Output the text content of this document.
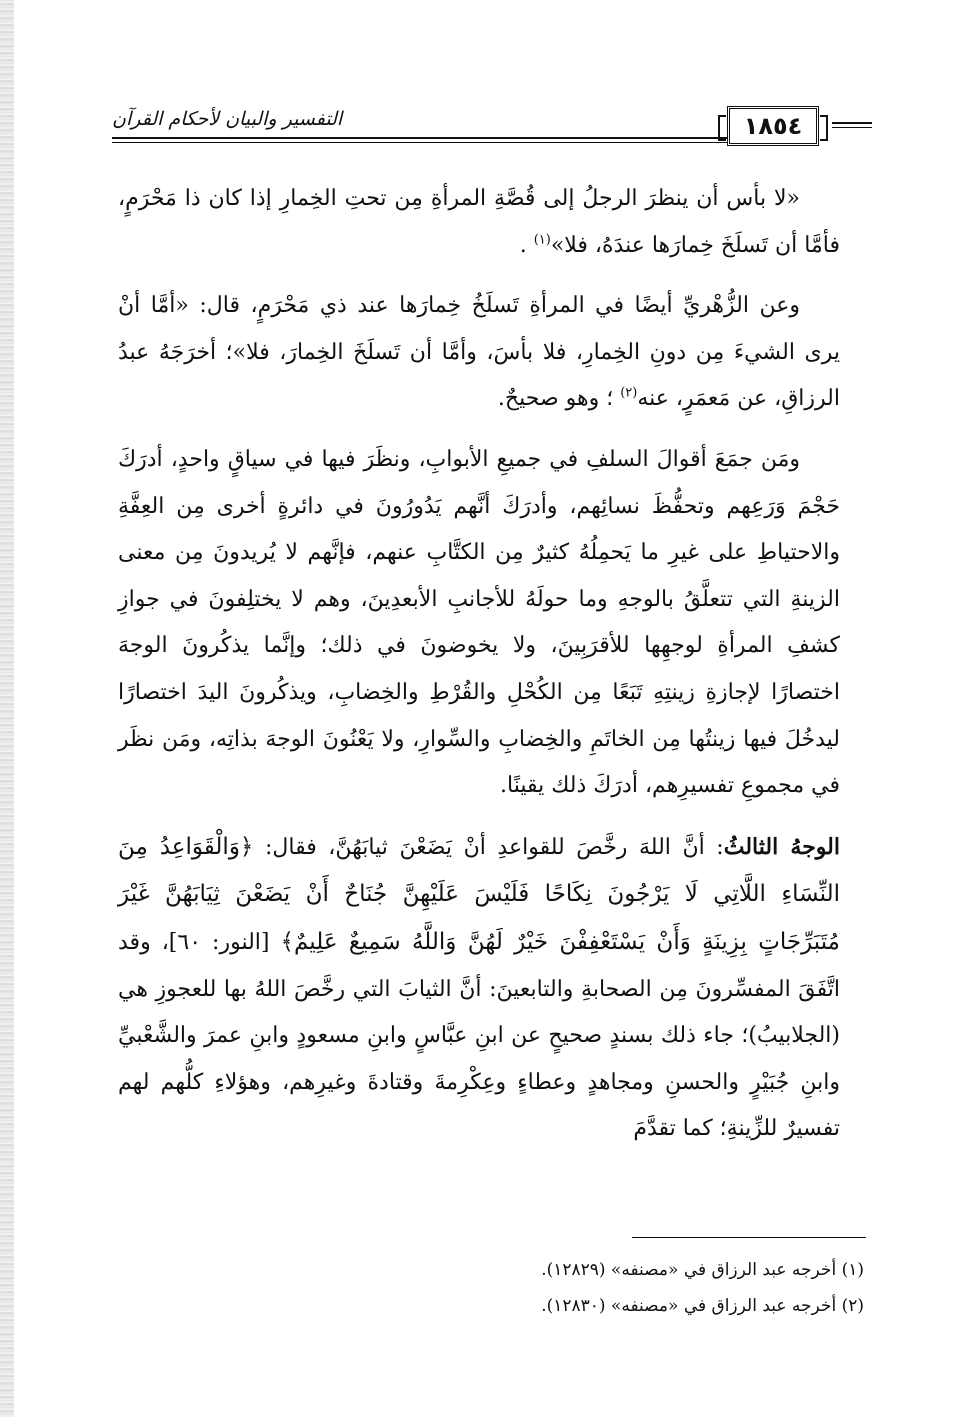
التفسير والبيان لأحكام القرآن	١٨٥٤

«لا بأس أن ينظرَ الرجلُ إلى قُصَّةِ المرأةِ مِن تحتِ الخِمارِ إذا كان ذا مَحْرَمٍ، فأمَّا أن تَسلَخَ خِمارَها عندَهُ، فلا»$^{(١)}$ .

وعن الزُّهْريِّ أيضًا في المرأةِ تَسلَخُ خِمارَها عند ذي مَحْرَمٍ، قال: «أمَّا أنْ يرى الشيءَ مِن دونِ الخِمارِ، فلا بأسَ، وأمَّا أن تَسلَخَ الخِمارَ، فلا»؛ أخرَجَهُ عبدُ الرزاقِ، عن مَعمَرٍ، عنه$^{(٢)}$ ؛ وهو صحيحٌ.

ومَن جمَعَ أقوالَ السلفِ في جميعِ الأبوابِ، ونظَرَ فيها في سياقٍ واحدٍ، أدرَكَ حَجْمَ وَرَعِهم وتحفُّظَ نسائِهم، وأدرَكَ أنَّهم يَدُورُونَ في دائرةٍ أخرى مِن العِفَّةِ والاحتياطِ على غيرِ ما يَحمِلُهُ كثيرٌ مِن الكتَّابِ عنهم، فإنَّهم لا يُريدونَ مِن معنى الزينةِ التي تتعلَّقُ بالوجهِ وما حولَهُ للأجانبِ الأبعدِينَ، وهم لا يختلِفونَ في جوازِ كشفِ المرأةِ لوجهِها للأقرَبِينَ، ولا يخوضونَ في ذلك؛ وإنَّما يذكُرونَ الوجهَ اختصارًا لإجازةِ زينتِهِ تَبَعًا مِن الكُحْلِ والقُرْطِ والخِضابِ، ويذكُرونَ اليدَ اختصارًا ليدخُلَ فيها زينتُها مِن الخاتَمِ والخِضابِ والسِّوارِ، ولا يَعْنُونَ الوجهَ بذاتِه، ومَن نظَر في مجموعِ تفسيرِهم، أدرَكَ ذلك يقينًا.

الوجهُ الثالثُ: أنَّ اللهَ رخَّصَ للقواعدِ أنْ يَضَعْنَ ثيابَهُنَّ، فقال: ﴿وَالْقَوَاعِدُ مِنَ النِّسَاءِ اللَّاتِي لَا يَرْجُونَ نِكَاحًا فَلَيْسَ عَلَيْهِنَّ جُنَاحٌ أَنْ يَضَعْنَ ثِيَابَهُنَّ غَيْرَ مُتَبَرِّجَاتٍ بِزِينَةٍ وَأَنْ يَسْتَعْفِفْنَ خَيْرٌ لَهُنَّ وَاللَّهُ سَمِيعٌ عَلِيمٌ﴾ [النور: ٦٠]، وقد اتَّفَقَ المفسِّرونَ مِن الصحابةِ والتابعينَ: أنَّ الثيابَ التي رخَّصَ اللهُ بها للعجوزِ هي (الجلابيبُ)؛ جاء ذلك بسندٍ صحيحٍ عن ابنِ عبَّاسٍ وابنِ مسعودٍ وابنِ عمرَ والشَّعْبيِّ وابنِ جُبَيْرٍ والحسنِ ومجاهدٍ وعطاءٍ وعِكْرِمةَ وقتادةَ وغيرِهم، وهؤلاءِ كلُّهم لهم تفسيرٌ للزِّينةِ؛ كما تقدَّمَ

(١) أخرجه عبد الرزاق في «مصنفه» (١٢٨٢٩).
(٢) أخرجه عبد الرزاق في «مصنفه» (١٢٨٣٠).
